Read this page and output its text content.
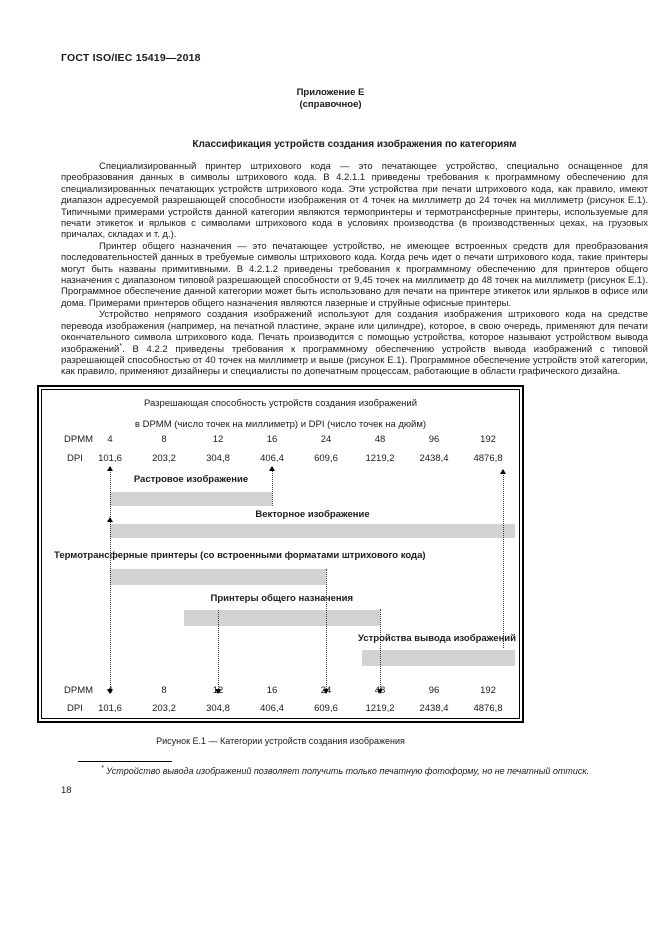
ГОСТ ISO/IEC 15419—2018
Приложение Е
(справочное)
Классификация устройств создания изображения по категориям

Специализированный принтер штрихового кода — это печатающее устройство, специально оснащенное для преобразования данных в символы штрихового кода. В 4.2.1.1 приведены требования к программному обеспечению для специализированных печатающих устройств штрихового кода. Эти устройства при печати штрихового кода, как правило, имеют диапазон адресуемой разрешающей способности изображения от 4 точек на миллиметр до 24 точек на миллиметр (рисунок Е.1). Типичными примерами устройств данной категории являются термопринтеры и термотрансферные принтеры, используемые для печати этикеток и ярлыков с символами штрихового кода в условиях производства (в производственных цехах, на грузовых причалах, складах и т. д.).

Принтер общего назначения — это печатающее устройство, не имеющее встроенных средств для преобразования последовательностей данных в требуемые символы штрихового кода. Когда речь идет о печати штрихового кода, такие принтеры могут быть названы примитивными. В 4.2.1.2 приведены требования к программному обеспечению для принтеров общего назначения с диапазоном типовой разрешающей способности от 9,45 точек на миллиметр до 48 точек на миллиметр (рисунок Е.1). Программное обеспечение данной категории может быть использовано для печати на принтере этикеток или ярлыков в офисе или дома. Примерами принтеров общего назначения являются лазерные и струйные офисные принтеры.

Устройство непрямого создания изображений используют для создания изображения штрихового кода на средстве перевода изображения (например, на печатной пластине, экране или цилиндре), которое, в свою очередь, применяют для печати окончательного символа штрихового кода. Печать производится с помощью устройства, которое называют устройством вывода изображений*. В 4.2.2 приведены требования к программному обеспечению устройств вывода изображений с типовой разрешающей способностью от 40 точек на миллиметр и выше (рисунок Е.1). Программное обеспечение устройств этой категории, как правило, применяют дизайнеры и специалисты по допечатным процессам, работающие в области графического дизайна.

Разрешающая способность устройств создания изображений
в DPMM (число точек на миллиметр) и DPI (число точек на дюйм)
DPMM 4	8	12	16	24	48	96	192
DPI 101,6	203,2	304,8	406,4	609,6	1219,2	2438,4	4876,8
DPMM 4	8	12	16	24	48	96	192
DPI 101,6	203,2	304,8	406,4	609,6	1219,2	2438,4	4876,8
Растровое изображение
Векторное изображение
Термотрансферные принтеры (со встроенными форматами штрихового кода)
Принтеры общего назначения
Устройства вывода изображений
Рисунок Е.1 — Категории устройств создания изображения

* Устройство вывода изображений позволяет получить только печатную фотоформу, но не печатный оттиск.

18
